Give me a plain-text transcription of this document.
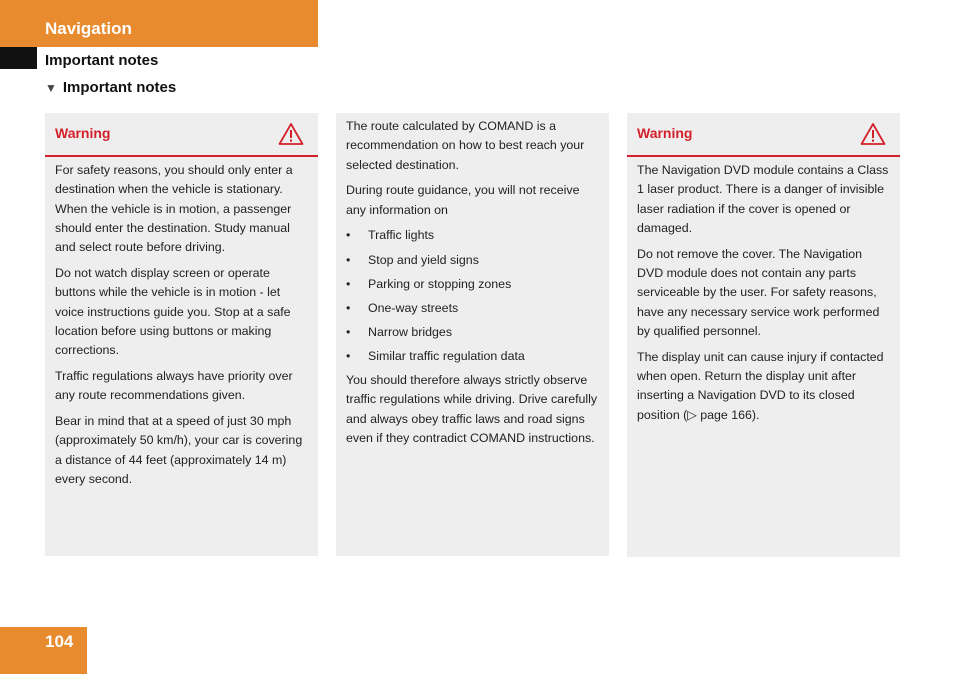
Navigation
Important notes
▼ Important notes
Warning

For safety reasons, you should only enter a destination when the vehicle is stationary. When the vehicle is in motion, a passenger should enter the destination. Study manual and select route before driving.

Do not watch display screen or operate buttons while the vehicle is in motion - let voice instructions guide you. Stop at a safe location before using buttons or making corrections.

Traffic regulations always have priority over any route recommendations given.

Bear in mind that at a speed of just 30 mph (approximately 50 km/h), your car is covering a distance of 44 feet (approximately 14 m) every second.

The route calculated by COMAND is a recommendation on how to best reach your selected destination.

During route guidance, you will not receive any information on

• Traffic lights
• Stop and yield signs
• Parking or stopping zones
• One-way streets
• Narrow bridges
• Similar traffic regulation data

You should therefore always strictly observe traffic regulations while driving. Drive carefully and always obey traffic laws and road signs even if they contradict COMAND instructions.

Warning

The Navigation DVD module contains a Class 1 laser product. There is a danger of invisible laser radiation if the cover is opened or damaged.

Do not remove the cover. The Navigation DVD module does not contain any parts serviceable by the user. For safety reasons, have any necessary service work performed by qualified personnel.

The display unit can cause injury if contacted when open. Return the display unit after inserting a Navigation DVD to its closed position (▷ page 166).

104
